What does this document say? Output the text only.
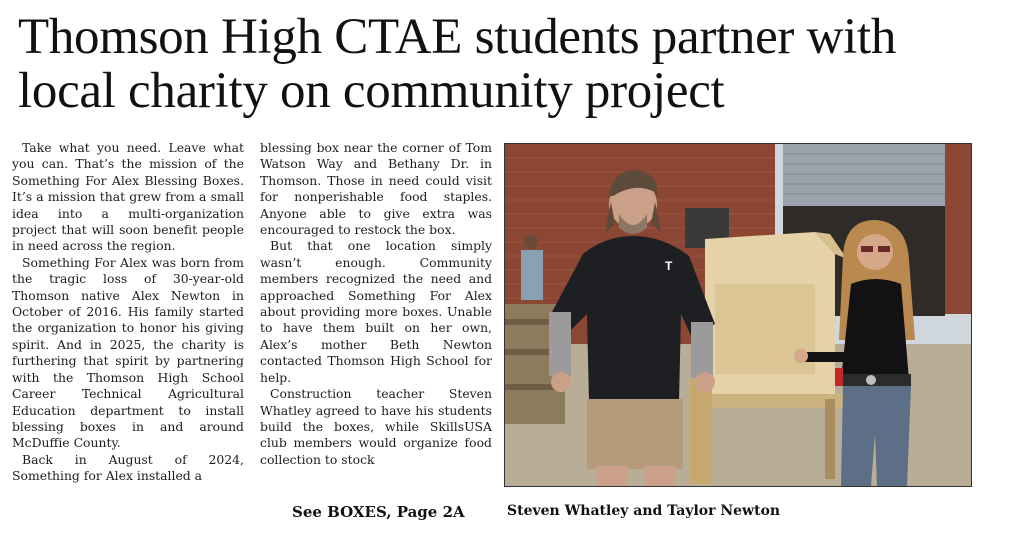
Thomson High CTAE students partner with local charity on community project

Take what you need. Leave what you can. That’s the mission of the Something For Alex Blessing Boxes. It’s a mission that grew from a small idea into a multi-organization project that will soon benefit people in need across the region.

Something For Alex was born from the tragic loss of 30-year-old Thomson native Alex Newton in October of 2016. His family started the organization to honor his giving spirit. And in 2025, the charity is furthering that spirit by partnering with the Thomson High School Career Technical Agricultural Education department to install blessing boxes in and around McDuffie County.

Back in August of 2024, Something for Alex installed a

blessing box near the corner of Tom Watson Way and Bethany Dr. in Thomson. Those in need could visit for nonperishable food staples. Anyone able to give extra was encouraged to restock the box.

But that one location simply wasn’t enough. Community members recognized the need and approached Something For Alex about providing more boxes. Unable to have them built on her own, Alex’s mother Beth Newton contacted Thomson High School for help.

Construction teacher Steven Whatley agreed to have his students build the boxes, while SkillsUSA club members would organize food collection to stock

See BOXES, Page 2A
T
Steven Whatley and Taylor Newton
